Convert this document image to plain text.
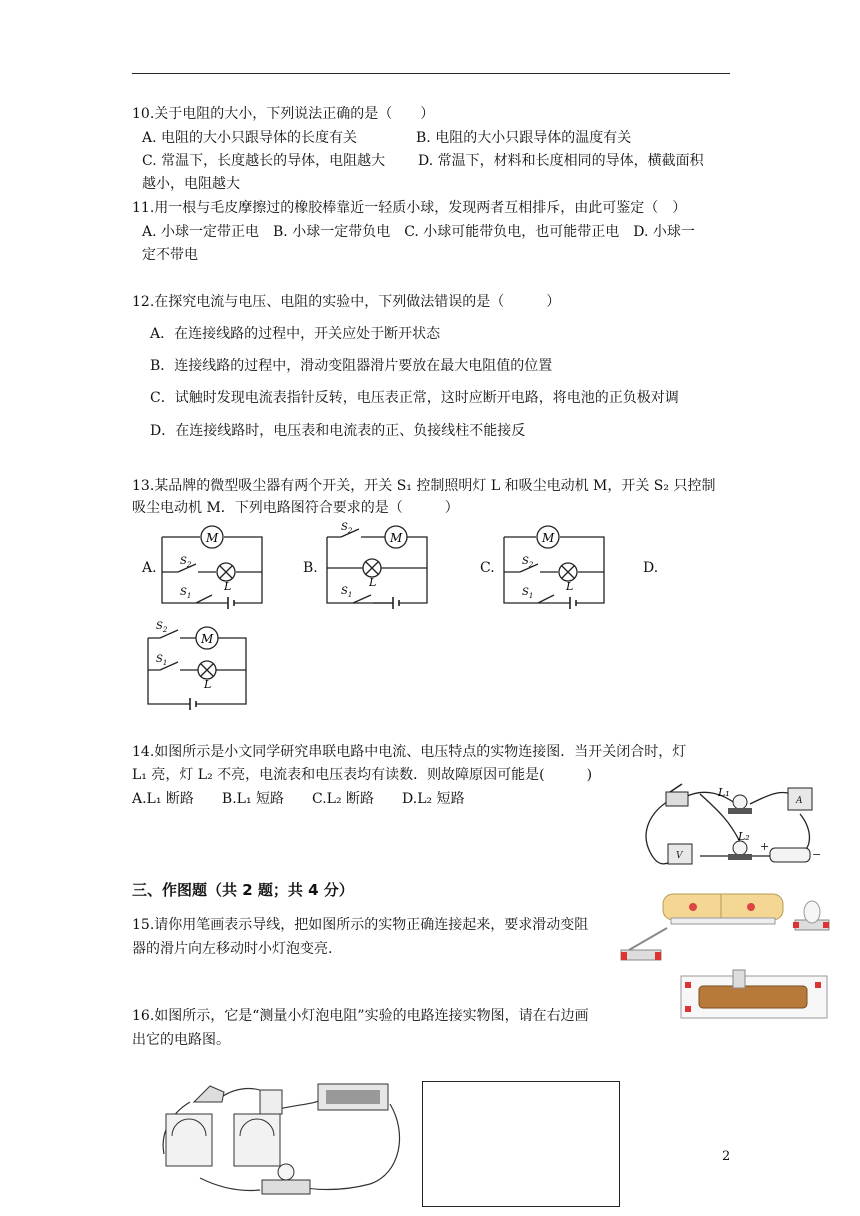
10.关于电阻的大小，下列说法正确的是（　　）
A. 电阻的大小只跟导体的长度有关	B. 电阻的大小只跟导体的温度有关
C. 常温下，长度越长的导体，电阻越大 D. 常温下，材料和长度相同的导体，横截面积
越小，电阻越大
11.用一根与毛皮摩擦过的橡胶棒靠近一轻质小球，发现两者互相排斥，由此可鉴定（　）
A. 小球一定带正电　B. 小球一定带负电　C. 小球可能带负电，也可能带正电　D. 小球一
定不带电
12.在探究电流与电压、电阻的实验中，下列做法错误的是（　　　）
A．在连接线路的过程中，开关应处于断开状态
B．连接线路的过程中，滑动变阻器滑片要放在最大电阻值的位置
C．试触时发现电流表指针反转，电压表正常，这时应断开电路，将电池的正负极对调
D．在连接线路时，电压表和电流表的正、负接线柱不能接反
13.某品牌的微型吸尘器有两个开关，开关 S₁ 控制照明灯 L 和吸尘电动机 M，开关 S₂ 只控制
吸尘电动机 M．下列电路图符合要求的是（　　　）
A.	B.	C.	D.
M
L
$S_2$
$S_1$
M
L
$S_2$
$S_1$
M
L
$S_2$
$S_1$
M
L
$S_2$
$S_1$
14.如图所示是小文同学研究串联电路中电流、电压特点的实物连接图．当开关闭合时，灯
L₁ 亮，灯 L₂ 不亮，电流表和电压表均有读数．则故障原因可能是(　　　)
A.L₁ 断路　　B.L₁ 短路　　C.L₂ 断路　　D.L₂ 短路	A
V
+
−
L₁
L₂
三、作图题（共 2 题；共 4 分）
15.请你用笔画表示导线，把如图所示的实物正确连接起来，要求滑动变阻
器的滑片向左移动时小灯泡变亮.
16.如图所示，它是“测量小灯泡电阻”实验的电路连接实物图，请在右边画
出它的电路图。
2
